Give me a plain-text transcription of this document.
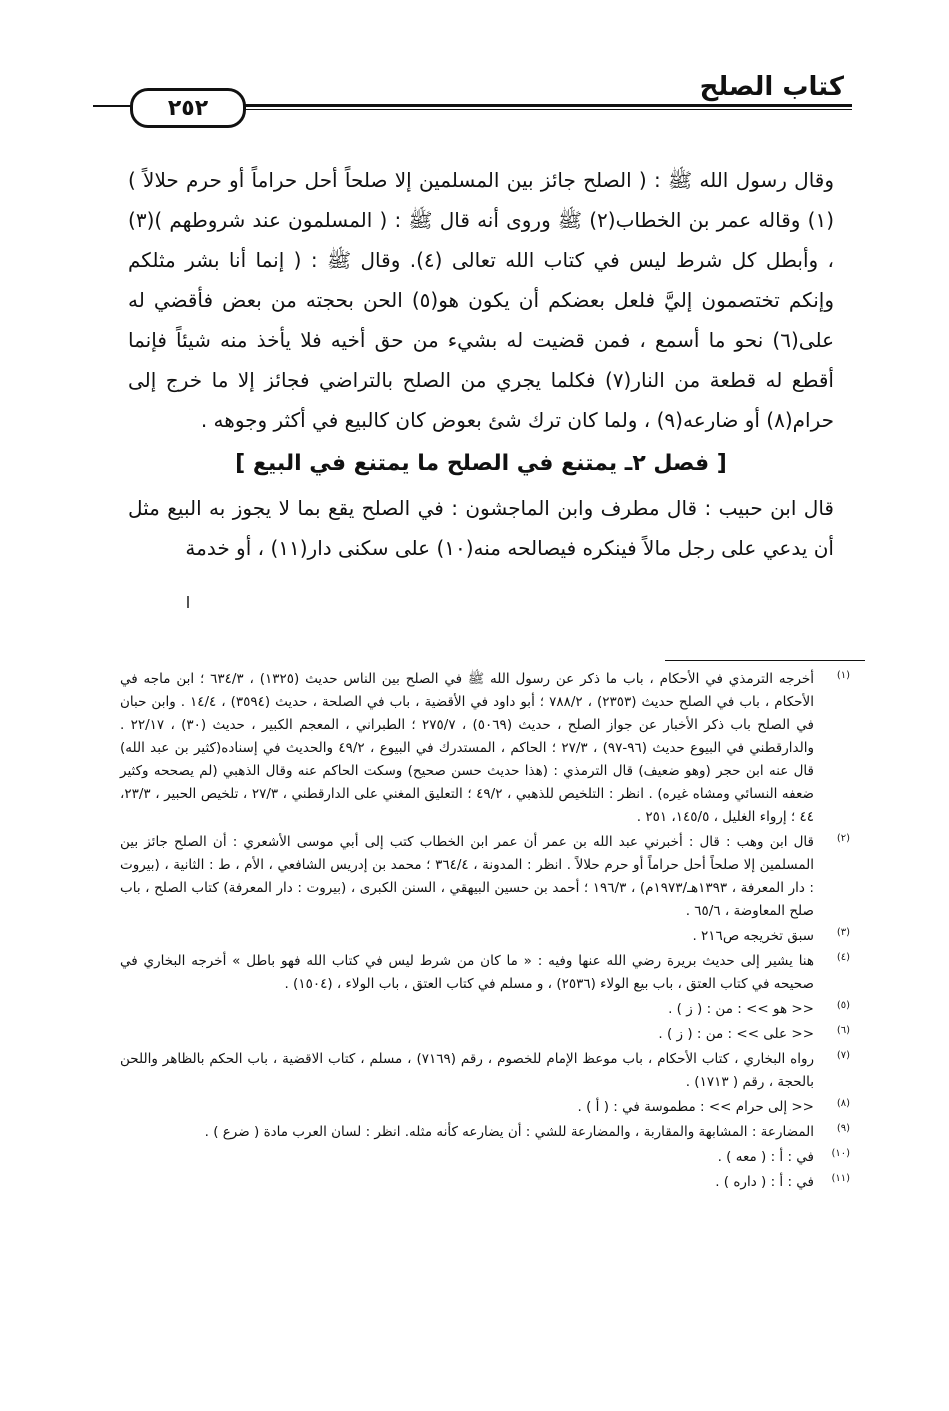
كتاب الصلح
٢٥٢

وقال رسول الله ﷺ : ( الصلح جائز بين المسلمين إلا صلحاً أحل حراماً أو حرم حلالاً )(١) وقاله عمر بن الخطاب(٢) ﷺ وروى أنه قال ﷺ : ( المسلمون عند شروطهم )(٣) ، وأبطل كل شرط ليس في كتاب الله تعالى (٤). وقال ﷺ : ( إنما أنا بشر مثلكم وإنكم تختصمون إليَّ فلعل بعضكم أن يكون هو(٥) الحن بحجته من بعض فأقضي له على(٦) نحو ما أسمع ، فمن قضيت له بشيء من حق أخيه فلا يأخذ منه شيئاً فإنما أقطع له قطعة من النار(٧) فكلما يجري من الصلح بالتراضي فجائز إلا ما خرج إلى حرام(٨) أو ضارعه(٩) ، ولما كان ترك شئ بعوض كان كالبيع في أكثر وجوهه .

[ فصل ٢ـ يمتنع في الصلح ما يمتنع في البيع ]

قال ابن حبيب : قال مطرف وابن الماجشون : في الصلح يقع بما لا يجوز به البيع مثل أن يدعي على رجل مالاً فينكره فيصالحه منه(١٠) على سكنى دار(١١) ، أو خدمة

(١)
أخرجه الترمذي في الأحكام ، باب ما ذكر عن رسول الله ﷺ في الصلح بين الناس حديث (١٣٢٥) ، ٦٣٤/٣ ؛ ابن ماجه في الأحكام ، باب في الصلح حديث (٢٣٥٣) ، ٧٨٨/٢ ؛ أبو داود في الأقضية ، باب في الصلحة ، حديث (٣٥٩٤) ، ١٤/٤ . وابن حبان في الصلح باب ذكر الأخبار عن جواز الصلح ، حديث (٥٠٦٩) ، ٢٧٥/٧ ؛ الطبراني ، المعجم الكبير ، حديث (٣٠) ، ٢٢/١٧ . والدارقطني في البيوع حديث (٩٦-٩٧) ، ٢٧/٣ ؛ الحاكم ، المستدرك في البيوع ، ٤٩/٢ والحديث في إسناده(كثير بن عبد الله) قال عنه ابن حجر (وهو ضعيف) قال الترمذي : (هذا حديث حسن صحيح) وسكت الحاكم عنه وقال الذهبي (لم يصححه وكثير ضعفه النسائي ومشاه غيره) . انظر : التلخيص للذهبي ، ٤٩/٢ ؛ التعليق المغني على الدارقطني ، ٢٧/٣ ، تلخيص الحبير ، ٢٣/٣، ٤٤ ؛ إرواء الغليل ، ١٤٥/٥، ٢٥١ .
(٢)
قال ابن وهب : قال : أخبرني عبد الله بن عمر أن عمر ابن الخطاب كتب إلى أبي موسى الأشعري : أن الصلح جائز بين المسلمين إلا صلحاً أحل حراماً أو حرم حلالاً . انظر : المدونة ، ٣٦٤/٤ ؛ محمد بن إدريس الشافعي ، الأم ، ط : الثانية ، (بيروت : دار المعرفة ، ١٣٩٣هـ/١٩٧٣م) ، ١٩٦/٣ ؛ أحمد بن حسين البيهقي ، السنن الكبرى ، (بيروت : دار المعرفة) كتاب الصلح ، باب صلح المعاوضة ، ٦٥/٦ .
(٣)
سبق تخريجه ص٢١٦ .
(٤)
هنا يشير إلى حديث بريرة رضي الله عنها وفيه : « ما كان من شرط ليس في كتاب الله فهو باطل » أخرجه البخاري في صحيحه في كتاب العتق ، باب بيع الولاء (٢٥٣٦) ، و مسلم في كتاب العتق ، باب الولاء ، (١٥٠٤) .
(٥)
<< هو >> : من : ( ز ) .
(٦)
<< على >> : من : ( ز ) .
(٧)
رواه البخاري ، كتاب الأحكام ، باب موعظ الإمام للخصوم ، رقم (٧١٦٩) ، مسلم ، كتاب الاقضية ، باب الحكم بالظاهر واللحن بالحجة ، رقم ( ١٧١٣) .
(٨)
<< إلى حرام >> : مطموسة في : ( أ ) .
(٩)
المضارعة : المشابهة والمقاربة ، والمضارعة للشي : أن يضارعه كأنه مثله. انظر : لسان العرب مادة ( ضرع ) .
(١٠)
في : أ : ( معه ) .
(١١)
في : أ : ( داره ) .
